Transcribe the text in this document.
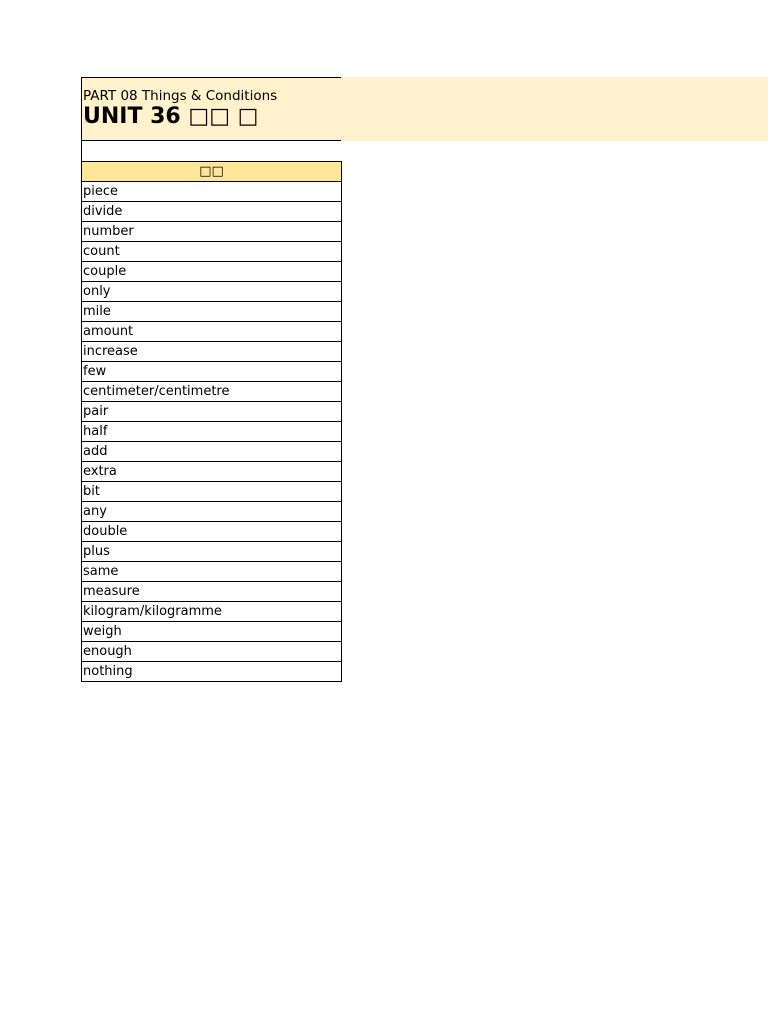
PART 08 Things & Conditions
UNIT 36 □□ □
□□
piece
divide
number
count
couple
only
mile
amount
increase
few
centimeter/centimetre
pair
half
add
extra
bit
any
double
plus
same
measure
kilogram/kilogramme
weigh
enough
nothing
